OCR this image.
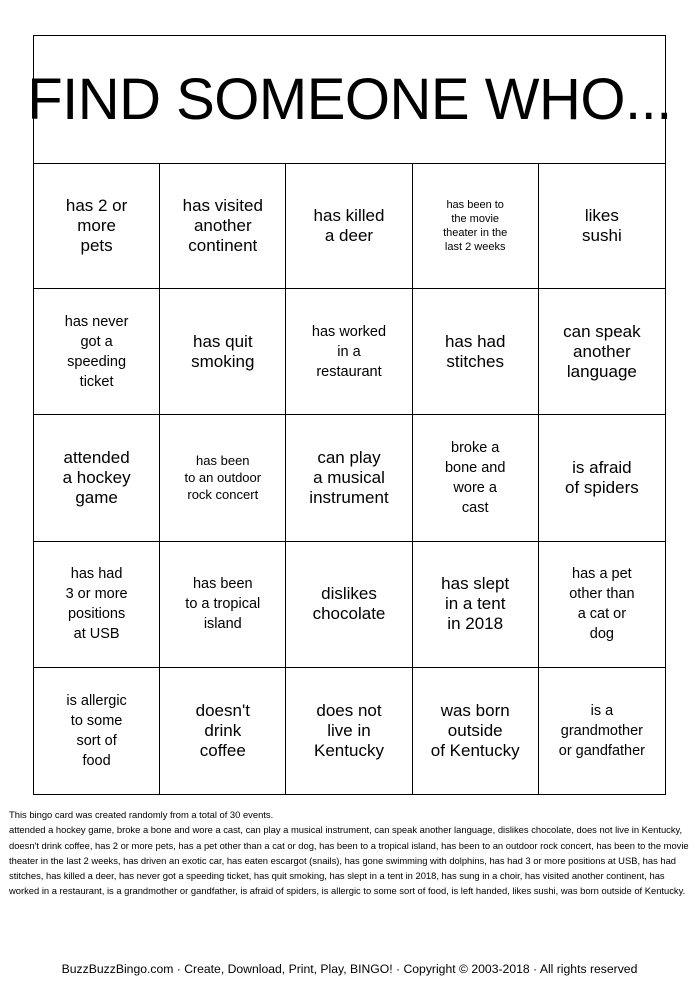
FIND SOMEONE WHO...
has 2 or
more
pets
has visited
another
continent
has killed
a deer
has been to
the movie
theater in the
last 2 weeks
likes
sushi
has never
got a
speeding
ticket
has quit
smoking
has worked
in a
restaurant
has had
stitches
can speak
another
language
attended
a hockey
game
has been
to an outdoor
rock concert
can play
a musical
instrument
broke a
bone and
wore a
cast
is afraid
of spiders
has had
3 or more
positions
at USB
has been
to a tropical
island
dislikes
chocolate
has slept
in a tent
in 2018
has a pet
other than
a cat or
dog
is allergic
to some
sort of
food
doesn't
drink
coffee
does not
live in
Kentucky
was born
outside
of Kentucky
is a
grandmother
or gandfather

This bingo card was created randomly from a total of 30 events.

attended a hockey game, broke a bone and wore a cast, can play a musical instrument, can speak another language, dislikes chocolate, does not live in Kentucky, doesn't drink coffee, has 2 or more pets, has a pet other than a cat or dog, has been to a tropical island, has been to an outdoor rock concert, has been to the movie theater in the last 2 weeks, has driven an exotic car, has eaten escargot (snails), has gone swimming with dolphins, has had 3 or more positions at USB, has had stitches, has killed a deer, has never got a speeding ticket, has quit smoking, has slept in a tent in 2018, has sung in a choir, has visited another continent, has worked in a restaurant, is a grandmother or gandfather, is afraid of spiders, is allergic to some sort of food, is left handed, likes sushi, was born outside of Kentucky.

BuzzBuzzBingo.com · Create, Download, Print, Play, BINGO! · Copyright © 2003-2018 · All rights reserved
